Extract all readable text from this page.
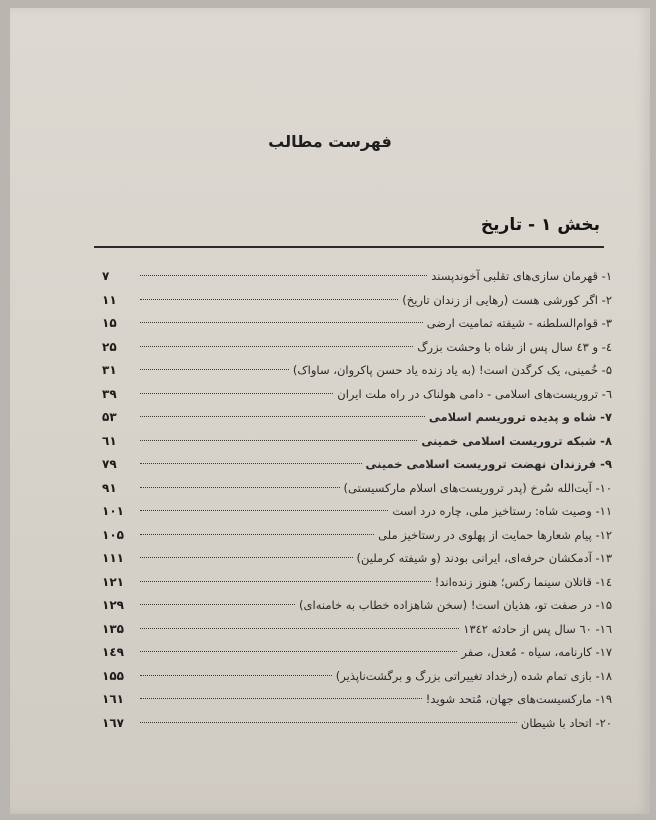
فهرست مطالب
بخش ۱ - تاریخ
۱- قهرمان سازی‌های تقلبی آخوندپسند
۷
۲- اگر کورشی هست (رهایی از زندان تاریخ)
۱۱
۳- قوام‌السلطنه - شیفته تمامیت ارضی
۱۵
٤- و ٤۳ سال پس از شاه با وحشت بزرگ
۲۵
۵- خُمینی، یک کرگدن است! (به یاد زنده یاد حسن پاکروان، ساواک)
۳۱
٦- تروریست‌های اسلامی - دامی هولناک در راه ملت ایران
۳۹
۷- شاه و پدیده تروریسم اسلامی
۵۳
۸- شبکه تروریست اسلامی خمینی
٦۱
۹- فرزندان نهضت تروریست اسلامی خمینی
۷۹
۱۰- آیت‌الله سُرخ (پدر تروریست‌های اسلام مارکسیستی)
۹۱
۱۱- وصیت شاه: رستاخیز ملی، چاره درد است
۱۰۱
۱۲- پیام شعارها حمایت از پهلوی در رستاخیز ملی
۱۰۵
۱۳- آدمکشان حرفه‌ای، ایرانی بودند (و شیفته کرملین)
۱۱۱
۱٤- قاتلان سینما رکس؛ هنوز زنده‌اند!
۱۲۱
۱۵- در صفت تو، هذیان است! (سخن شاهزاده خطاب به خامنه‌ای)
۱۲۹
۱٦- ٦۰ سال پس از حادثه ۱۳٤۲
۱۳۵
۱۷- کارنامه، سیاه - مُعدل، صفر
۱٤۹
۱۸- بازی تمام شده (رخداد تغییراتی بزرگ و برگشت‌ناپذیر)
۱۵۵
۱۹- مارکسیست‌های جهان، مُتحد شوید!
۱٦۱
۲۰- اتحاد با شیطان
۱٦۷
